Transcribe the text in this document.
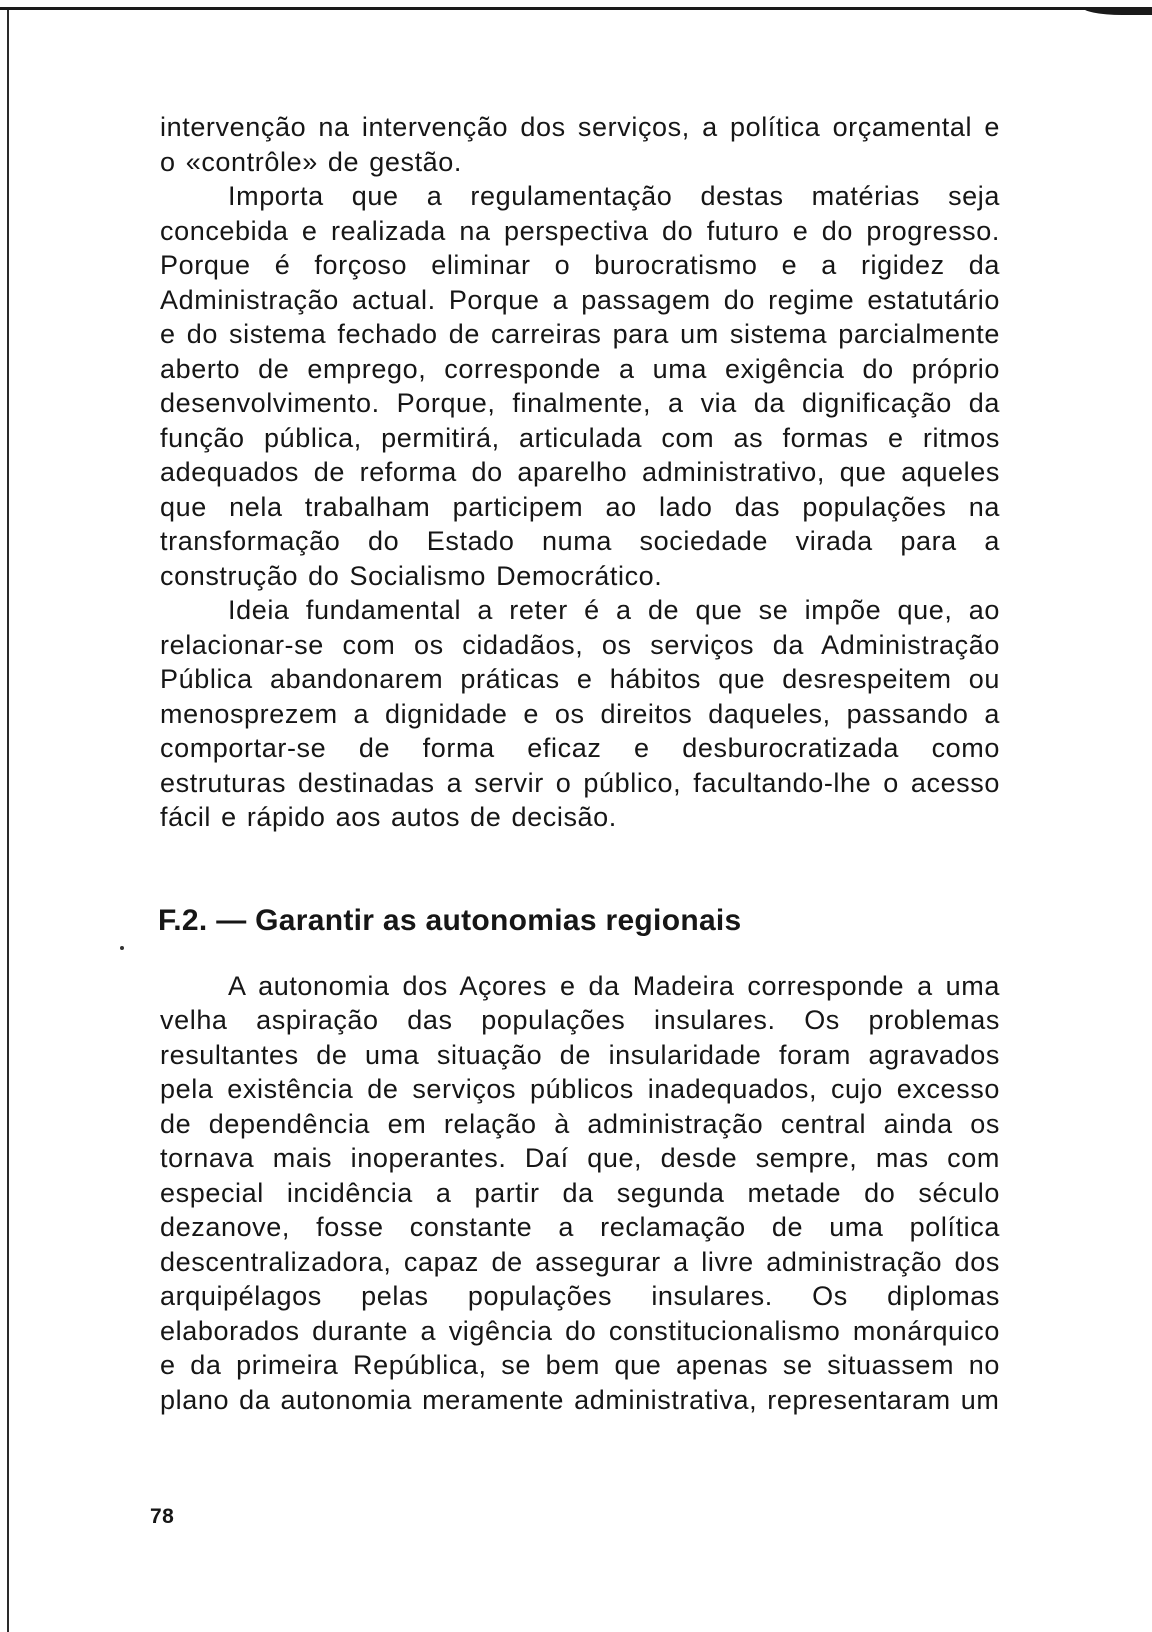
intervenção na intervenção dos serviços, a política orçamental e o «contrôle» de gestão.

Importa que a regulamentação destas matérias seja concebida e realizada na perspectiva do futuro e do progresso. Porque é forçoso eliminar o burocratismo e a rigidez da Administração actual. Porque a passagem do regime estatutário e do sistema fechado de carreiras para um sistema parcialmente aberto de emprego, corresponde a uma exigência do próprio desenvolvimento. Porque, finalmente, a via da dignificação da função pública, permitirá, articulada com as formas e ritmos adequados de reforma do aparelho administrativo, que aqueles que nela trabalham participem ao lado das populações na transformação do Estado numa sociedade virada para a construção do Socialismo Democrático.

Ideia fundamental a reter é a de que se impõe que, ao relacionar-se com os cidadãos, os serviços da Administração Pública abandonarem práticas e hábitos que desrespeitem ou menosprezem a dignidade e os direitos daqueles, passando a comportar-se de forma eficaz e desburocratizada como estruturas destinadas a servir o público, facultando-lhe o acesso fácil e rápido aos autos de decisão.

F.2. — Garantir as autonomias regionais

A autonomia dos Açores e da Madeira corresponde a uma velha aspiração das populações insulares. Os problemas resultantes de uma situação de insularidade foram agravados pela existência de serviços públicos inadequados, cujo excesso de dependência em relação à administração central ainda os tornava mais inoperantes. Daí que, desde sempre, mas com especial incidência a partir da segunda metade do século dezanove, fosse constante a reclamação de uma política descentralizadora, capaz de assegurar a livre administração dos arquipélagos pelas populações insulares. Os diplomas elaborados durante a vigência do constitucionalismo monárquico e da primeira República, se bem que apenas se situassem no plano da autonomia meramente administrativa, representaram um

78
